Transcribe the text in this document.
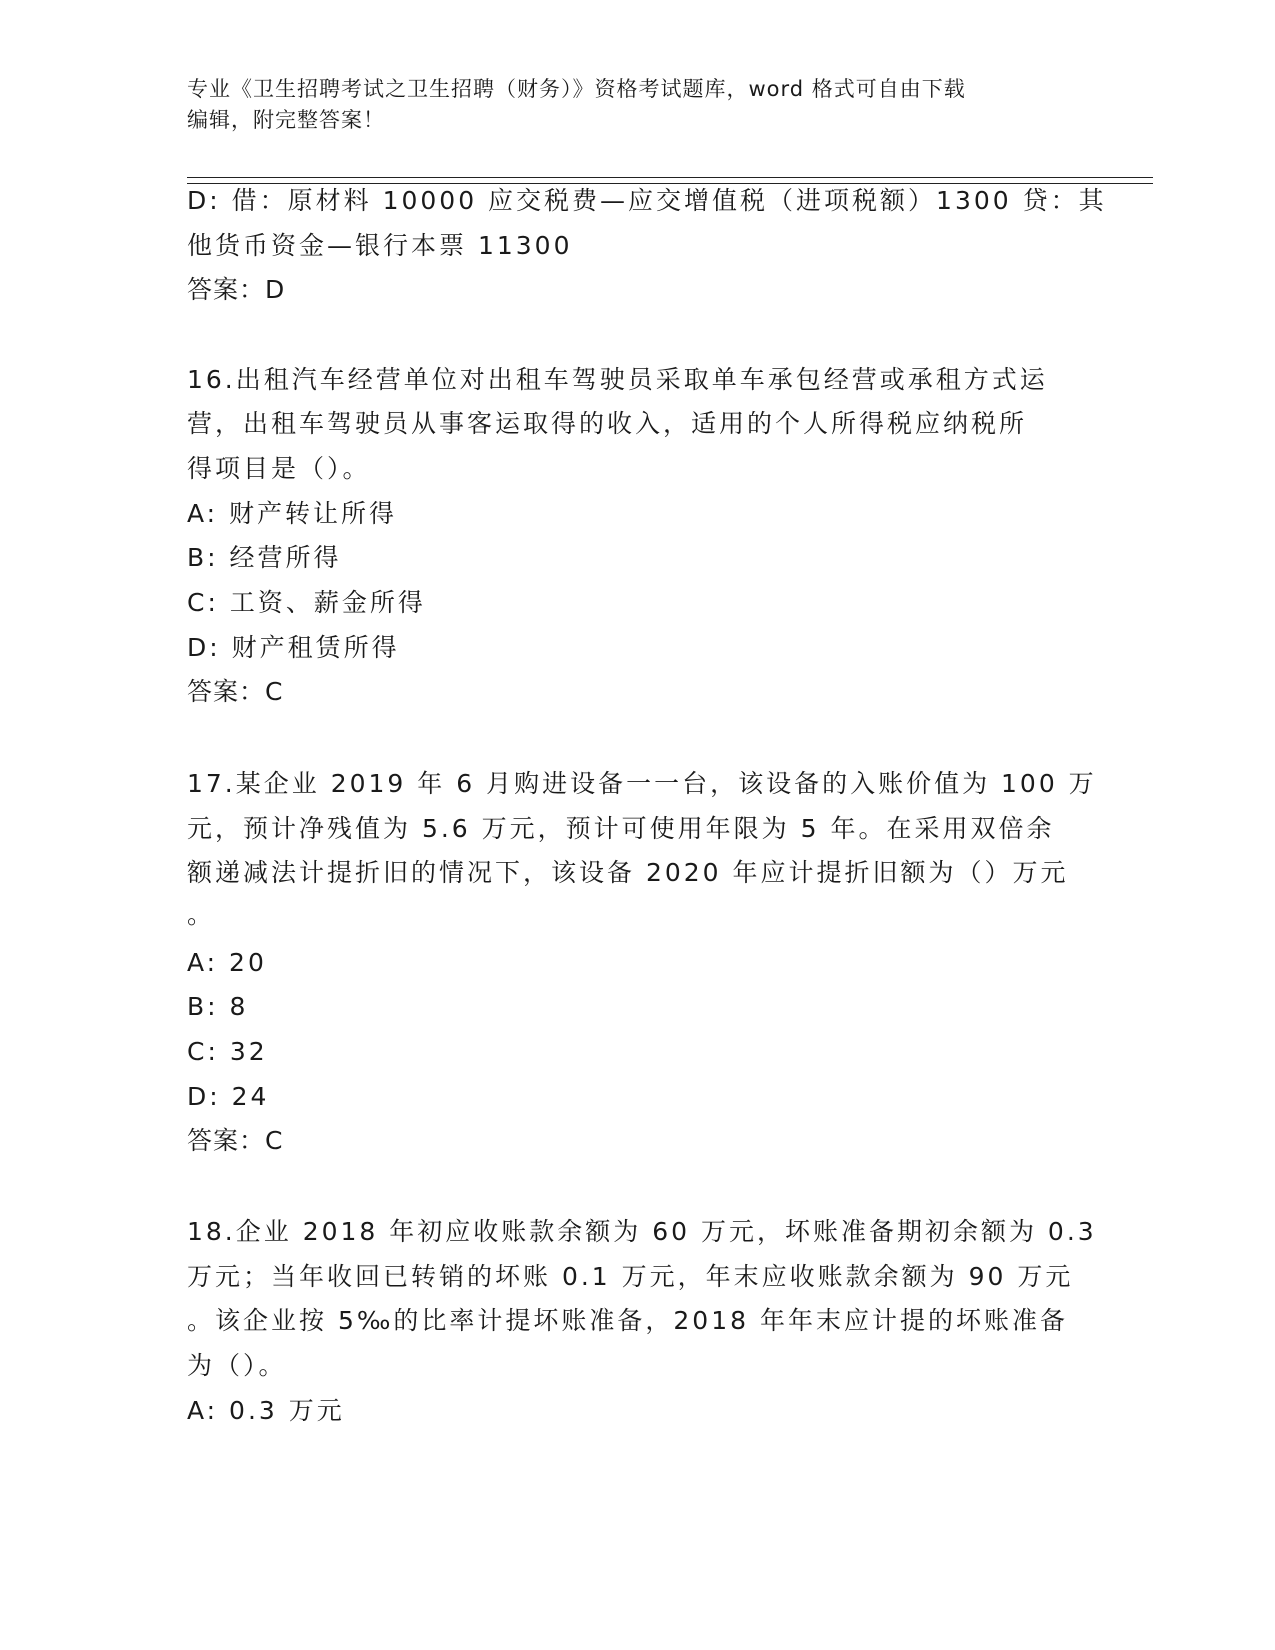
专业《卫生招聘考试之卫生招聘（财务）》资格考试题库，word 格式可自由下载
编辑，附完整答案！
D: 借：原材料 10000 应交税费—应交增值税（进项税额）1300 贷：其
他货币资金—银行本票 11300
答案：D
16.出租汽车经营单位对出租车驾驶员采取单车承包经营或承租方式运
营，出租车驾驶员从事客运取得的收入，适用的个人所得税应纳税所
得项目是（）。
A: 财产转让所得
B: 经营所得
C: 工资、薪金所得
D: 财产租赁所得
答案：C
17.某企业 2019 年 6 月购进设备一一台，该设备的入账价值为 100 万
元，预计净残值为 5.6 万元，预计可使用年限为 5 年。在采用双倍余
额递减法计提折旧的情况下，该设备 2020 年应计提折旧额为（）万元
。
A: 20
B: 8
C: 32
D: 24
答案：C
18.企业 2018 年初应收账款余额为 60 万元，坏账准备期初余额为 0.3
万元；当年收回已转销的坏账 0.1 万元，年末应收账款余额为 90 万元
。该企业按 5‰的比率计提坏账准备，2018 年年末应计提的坏账准备
为（）。
A: 0.3 万元
